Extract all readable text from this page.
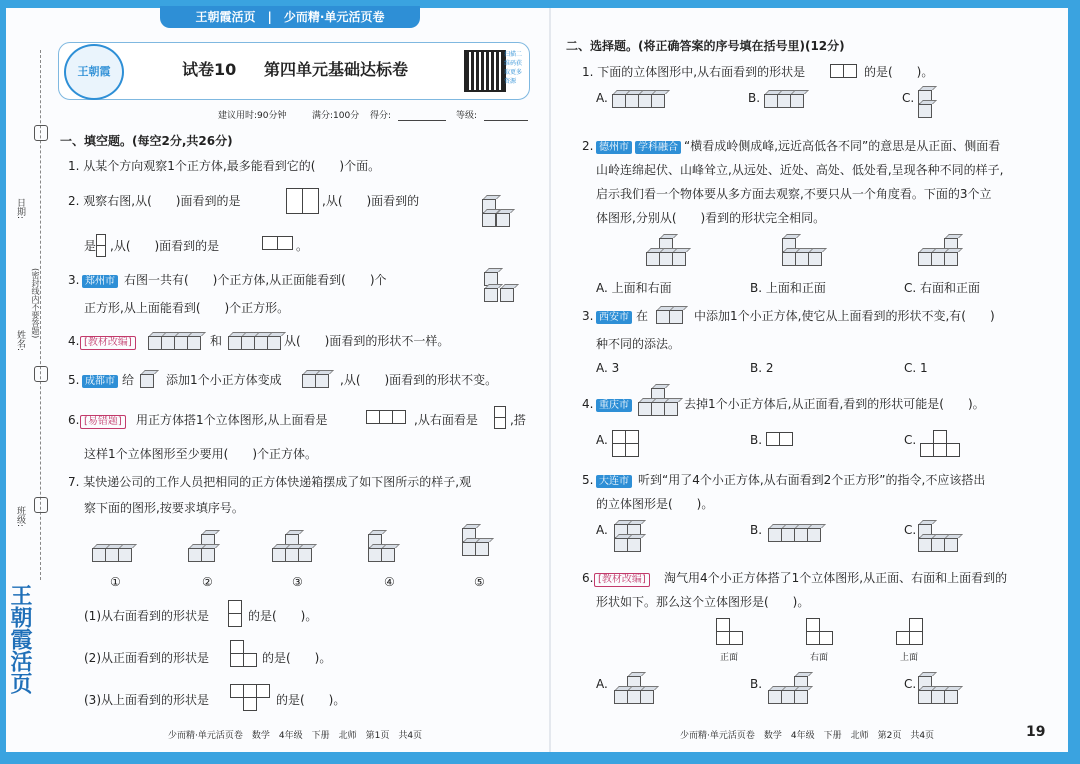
王朝霞活页　|　少而精·单元活页卷
王朝霞	试卷10 第四单元基础达标卷
扫描二维码获取更多资源
建议用时:90分钟	满分:100分 得分:	等级:
日期:
(密封线内不要答题)
姓名:
班级:
王朝霞活页
一、填空题。(每空2分,共26分)
1. 从某个方向观察1个正方体,最多能看到它的(　　)个面。
2. 观察右图,从(　　)面看到的是	,从(　　)面看到的
是 ,从(　　)面看到的是	。
3. 郑州市 右图一共有(　　)个正方体,从正面能看到(　　)个
正方形,从上面能看到(　　)个正方形。
4. [教材改编]	和	从(　　)面看到的形状不一样。
5. 成都市 给	添加1个小正方体变成	,从(　　)面看到的形状不变。
6. [易错题]	用正方体搭1个立体图形,从上面看是	,从右面看是	,搭
这样1个立体图形至少要用(　　)个正方体。
7. 某快递公司的工作人员把相同的正方体快递箱摆成了如下图所示的样子,观
察下面的图形,按要求填序号。
①	②	③	④	⑤
(1)从右面看到的形状是	的是(　　)。
(2)从正面看到的形状是	的是(　　)。
(3)从上面看到的形状是	的是(　　)。
少而精·单元活页卷　数学　4年级　下册　北师　第1页　共4页
二、选择题。(将正确答案的序号填在括号里)(12分)
1. 下面的立体图形中,从右面看到的形状是	的是(　　)。
A.	B.	C.
2. 德州市 学科融合 “横看成岭侧成峰,远近高低各不同”的意思是从正面、侧面看
山岭连绵起伏、山峰耸立,从远处、近处、高处、低处看,呈现各种不同的样子,
启示我们看一个物体要从多方面去观察,不要只从一个角度看。下面的3个立
体图形,分别从(　　)看到的形状完全相同。
A. 上面和右面	B. 上面和正面	C. 右面和正面
3. 西安市 在	中添加1个小正方体,使它从上面看到的形状不变,有(　　)
种不同的添法。
A. 3	B. 2	C. 1
4. 重庆市	去掉1个小正方体后,从正面看,看到的形状可能是(　　)。
A.	B.	C.
5. 大连市 听到“用了4个小正方体,从右面看到2个正方形”的指令,不应该搭出
的立体图形是(　　)。
A.	B.	C.
6. [教材改编]	淘气用4个小正方体搭了1个立体图形,从正面、右面和上面看到的
形状如下。那么这个立体图形是(　　)。
正面	右面	上面
A.	B.	C.
少而精·单元活页卷　数学　4年级　下册　北师　第2页　共4页	19
